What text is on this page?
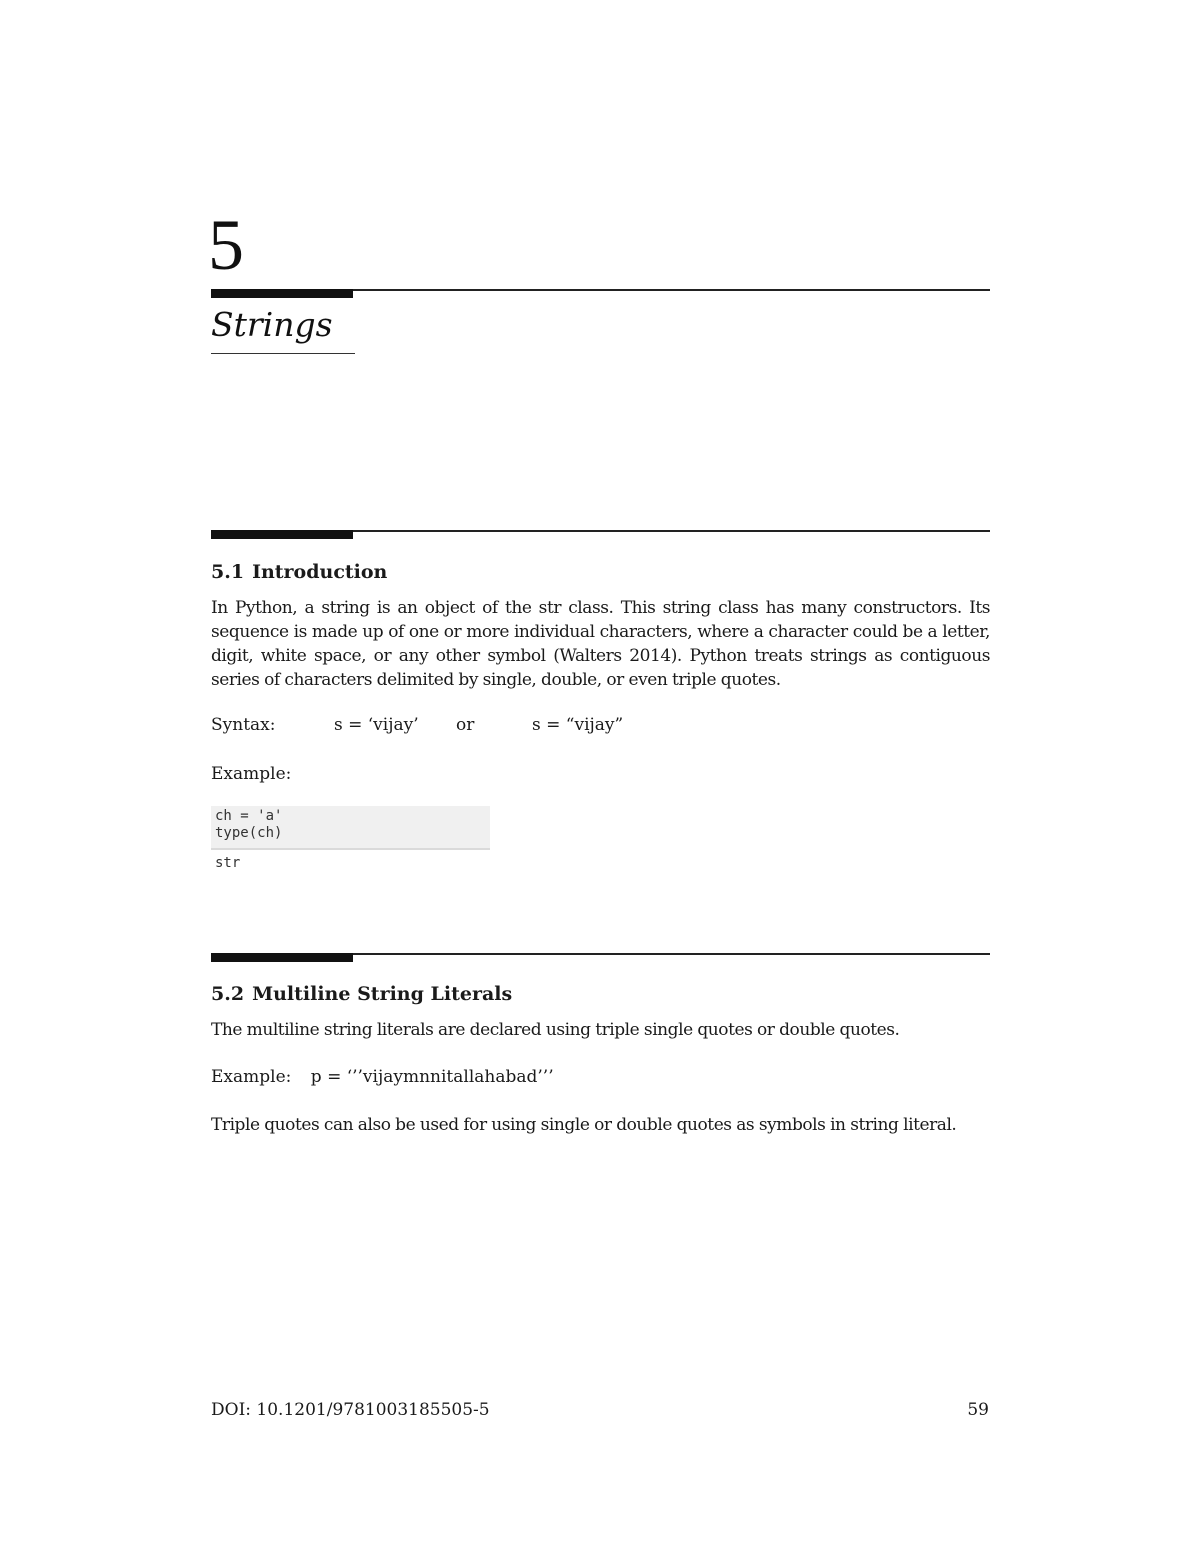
5
Strings
5.1 Introduction
In Python, a string is an object of the str class. This string class has many constructors. Its sequence is made up of one or more individual characters, where a character could be a letter, digit, white space, or any other symbol (Walters 2014). Python treats strings as contiguous series of characters delimited by single, double, or even triple quotes.
Syntax:	s = ‘vijay’ or	s = “vijay”
Example:
ch = 'a'
type(ch)
str
5.2 Multiline String Literals
The multiline string literals are declared using triple single quotes or double quotes.
Example: p = ‘’’vijaymnnitallahabad’’’
Triple quotes can also be used for using single or double quotes as symbols in string literal.
DOI: 10.1201/9781003185505-5	59
